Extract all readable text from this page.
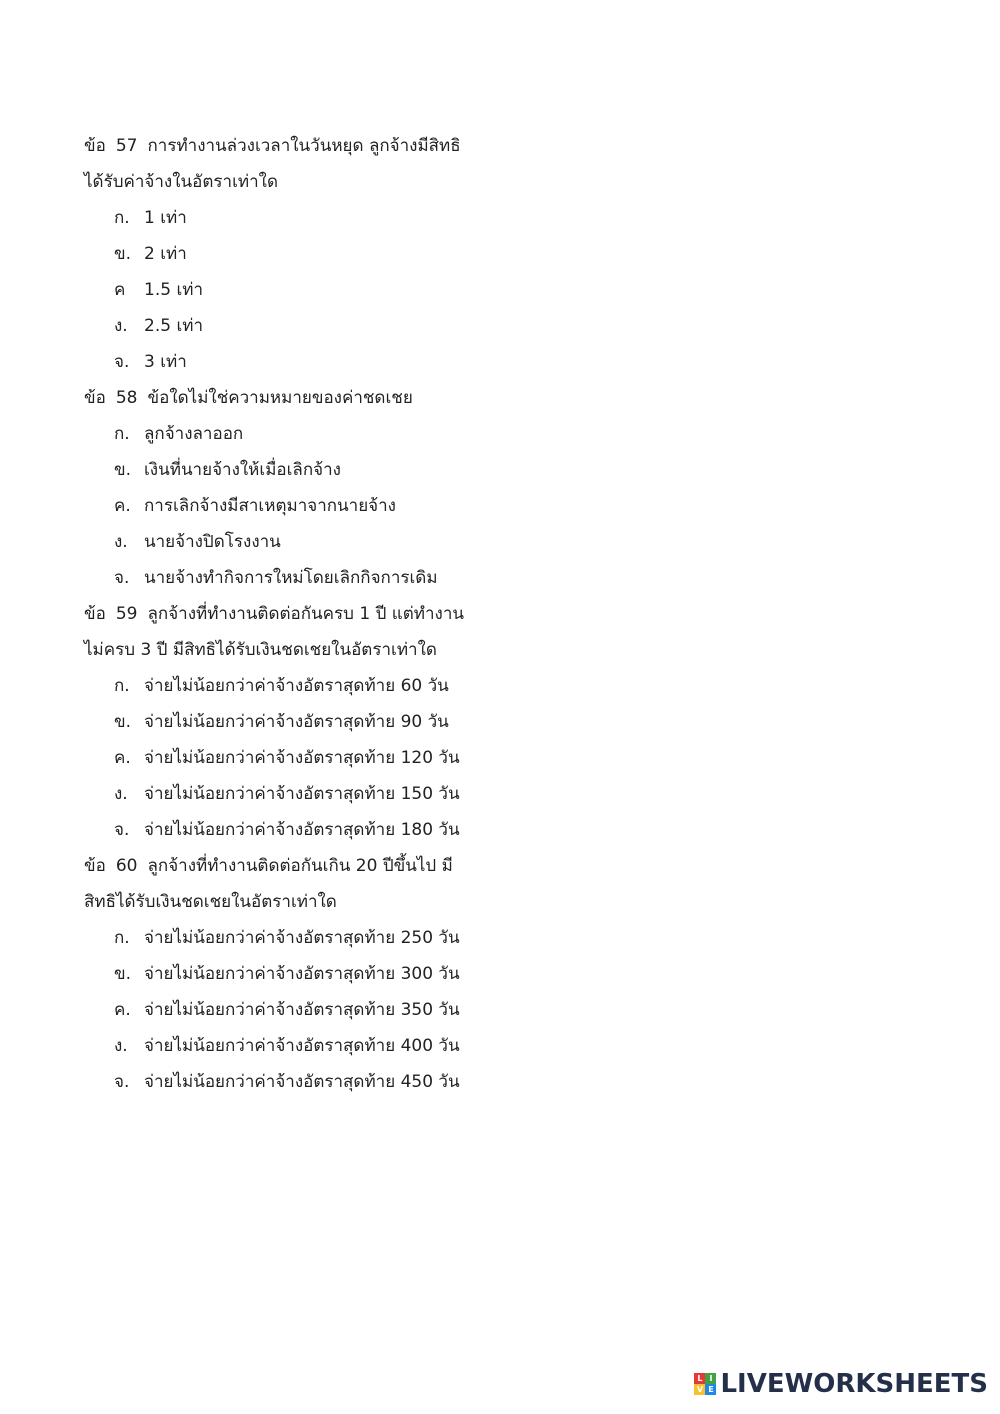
ข้อ 57 การทำงานล่วงเวลาในวันหยุด ลูกจ้างมีสิทธิ
ได้รับค่าจ้างในอัตราเท่าใด
ก. 1 เท่า
ข. 2 เท่า
ค 1.5 เท่า
ง. 2.5 เท่า
จ. 3 เท่า
ข้อ 58 ข้อใดไม่ใช่ความหมายของค่าชดเชย
ก. ลูกจ้างลาออก
ข. เงินที่นายจ้างให้เมื่อเลิกจ้าง
ค. การเลิกจ้างมีสาเหตุมาจากนายจ้าง
ง. นายจ้างปิดโรงงาน
จ. นายจ้างทำกิจการใหม่โดยเลิกกิจการเดิม
ข้อ 59 ลูกจ้างที่ทำงานติดต่อกันครบ 1 ปี แต่ทำงาน
ไม่ครบ 3 ปี มีสิทธิได้รับเงินชดเชยในอัตราเท่าใด
ก. จ่ายไม่น้อยกว่าค่าจ้างอัตราสุดท้าย 60 วัน
ข. จ่ายไม่น้อยกว่าค่าจ้างอัตราสุดท้าย 90 วัน
ค. จ่ายไม่น้อยกว่าค่าจ้างอัตราสุดท้าย 120 วัน
ง. จ่ายไม่น้อยกว่าค่าจ้างอัตราสุดท้าย 150 วัน
จ. จ่ายไม่น้อยกว่าค่าจ้างอัตราสุดท้าย 180 วัน
ข้อ 60 ลูกจ้างที่ทำงานติดต่อกันเกิน 20 ปีขึ้นไป มี
สิทธิได้รับเงินชดเชยในอัตราเท่าใด
ก. จ่ายไม่น้อยกว่าค่าจ้างอัตราสุดท้าย 250 วัน
ข. จ่ายไม่น้อยกว่าค่าจ้างอัตราสุดท้าย 300 วัน
ค. จ่ายไม่น้อยกว่าค่าจ้างอัตราสุดท้าย 350 วัน
ง. จ่ายไม่น้อยกว่าค่าจ้างอัตราสุดท้าย 400 วัน
จ. จ่ายไม่น้อยกว่าค่าจ้างอัตราสุดท้าย 450 วัน
L I
V E LIVEWORKSHEETS
